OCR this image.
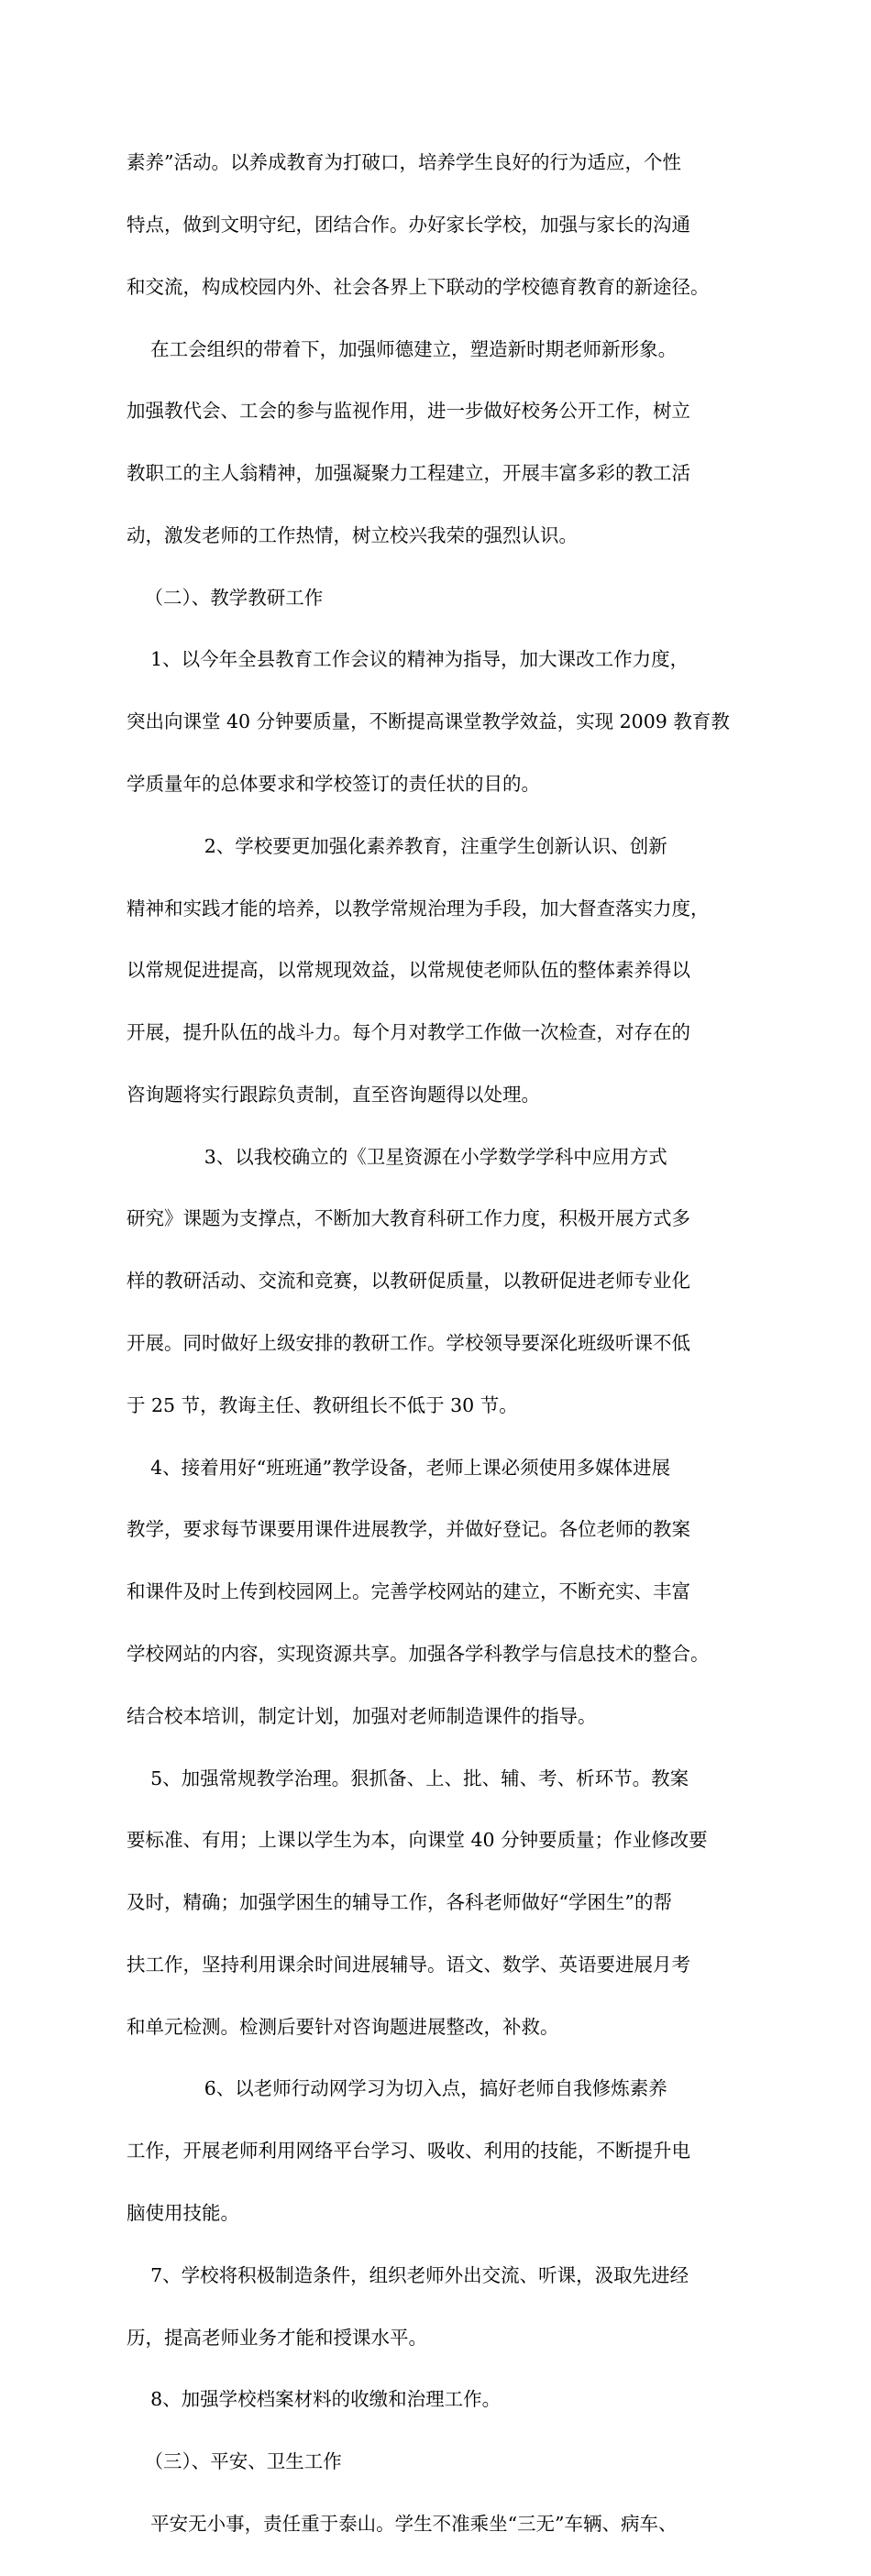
素养”活动。以养成教育为打破口，培养学生良好的行为适应，个性

特点，做到文明守纪，团结合作。办好家长学校，加强与家长的沟通

和交流，构成校园内外、社会各界上下联动的学校德育教育的新途径。

在工会组织的带着下，加强师德建立，塑造新时期老师新形象。

加强教代会、工会的参与监视作用，进一步做好校务公开工作，树立

教职工的主人翁精神，加强凝聚力工程建立，开展丰富多彩的教工活

动，激发老师的工作热情，树立校兴我荣的强烈认识。

（二）、教学教研工作

1、以今年全县教育工作会议的精神为指导，加大课改工作力度，

突出向课堂 40 分钟要质量，不断提高课堂教学效益，实现 2009 教育教

学质量年的总体要求和学校签订的责任状的目的。

2、学校要更加强化素养教育，注重学生创新认识、创新

精神和实践才能的培养，以教学常规治理为手段，加大督查落实力度，

以常规促进提高，以常规现效益，以常规使老师队伍的整体素养得以

开展，提升队伍的战斗力。每个月对教学工作做一次检查，对存在的

咨询题将实行跟踪负责制，直至咨询题得以处理。

3、以我校确立的《卫星资源在小学数学学科中应用方式

研究》课题为支撑点，不断加大教育科研工作力度，积极开展方式多

样的教研活动、交流和竞赛，以教研促质量，以教研促进老师专业化

开展。同时做好上级安排的教研工作。学校领导要深化班级听课不低

于 25 节，教诲主任、教研组长不低于 30 节。

4、接着用好“班班通”教学设备，老师上课必须使用多媒体进展

教学，要求每节课要用课件进展教学，并做好登记。各位老师的教案

和课件及时上传到校园网上。完善学校网站的建立，不断充实、丰富

学校网站的内容，实现资源共享。加强各学科教学与信息技术的整合。

结合校本培训，制定计划，加强对老师制造课件的指导。

5、加强常规教学治理。狠抓备、上、批、辅、考、析环节。教案

要标准、有用；上课以学生为本，向课堂 40 分钟要质量；作业修改要

及时，精确；加强学困生的辅导工作，各科老师做好“学困生”的帮

扶工作，坚持利用课余时间进展辅导。语文、数学、英语要进展月考

和单元检测。检测后要针对咨询题进展整改，补救。

6、以老师行动网学习为切入点，搞好老师自我修炼素养

工作，开展老师利用网络平台学习、吸收、利用的技能，不断提升电

脑使用技能。

7、学校将积极制造条件，组织老师外出交流、听课，汲取先进经

历，提高老师业务才能和授课水平。

8、加强学校档案材料的收缴和治理工作。

（三）、平安、卫生工作

平安无小事，责任重于泰山。学生不准乘坐“三无”车辆、病车、
